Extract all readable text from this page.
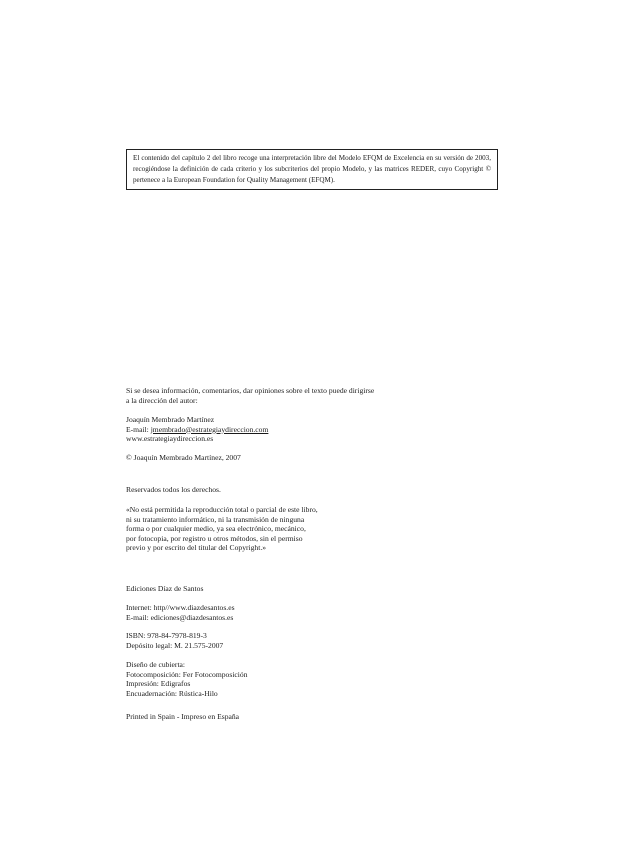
El contenido del capítulo 2 del libro recoge una interpretación libre del Modelo EFQM de Excelencia en su versión de 2003, recogiéndose la definición de cada criterio y los subcriterios del propio Modelo, y las matrices REDER, cuyo Copyright © pertenece a la European Foundation for Quality Management (EFQM).

Si se desea información, comentarios, dar opiniones sobre el texto puede dirigirse

a la dirección del autor:

Joaquín Membrado Martínez

E-mail: jmembrado@estrategiaydireccion.com

www.estrategiaydireccion.es

© Joaquín Membrado Martínez, 2007

Reservados todos los derechos.

«No está permitida la reproducción total o parcial de este libro,

ni su tratamiento informático, ni la transmisión de ninguna

forma o por cualquier medio, ya sea electrónico, mecánico,

por fotocopia, por registro u otros métodos, sin el permiso

previo y por escrito del titular del Copyright.»

Ediciones Díaz de Santos

Internet: http//www.diazdesantos.es

E-mail: ediciones@diazdesantos.es

ISBN: 978-84-7978-819-3

Depósito legal: M. 21.575-2007

Diseño de cubierta:

Fotocomposición: Fer Fotocomposición

Impresión: Edigrafos

Encuadernación: Rústica-Hilo

Printed in Spain - Impreso en España
